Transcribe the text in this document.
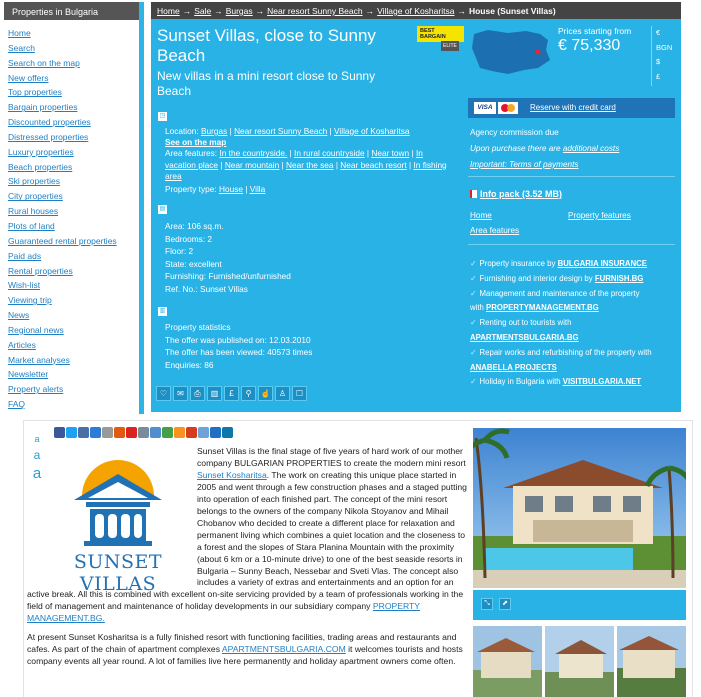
Properties in Bulgaria
Home
Search
Search on the map
New offers
Top properties
Bargain properties
Discounted properties
Distressed properties
Luxury properties
Beach properties
Ski properties
City properties
Rural houses
Plots of land
Guaranteed rental properties
Paid ads
Rental properties
Wish-list
Viewing trip
News
Regional news
Articles
Market analyses
Newsletter
Property alerts
FAQ
Home → Sale → Burgas → Near resort Sunny Beach → Village of Kosharitsa → House (Sunset Villas)
Sunset Villas, close to Sunny Beach
New villas in a mini resort close to Sunny Beach
BEST BARGAIN
ELITE
◳
Location: Burgas | Near resort Sunny Beach | Village of Kosharitsa
See on the map
Area features: In the countryside. | In rural countryside | Near town | In vacation place | Near mountain | Near the sea | Near beach resort | In fishing area
Property type: House | Villa
▤
Area: 106 sq.m.
Bedrooms: 2
Floor: 2
State: excellent
Furnishing: Furnished/unfurnished
Ref. No.: Sunset Villas
▥
Property statistics
The offer was published on: 12.03.2010
The offer has been viewed: 40573 times
Enquiries: 86
♡	✉	⎙	▥	£	⚲	☝	♙	☐
Prices starting from
€ 75,330
€
BGN
$
£
VISA	Reserve with credit card
Agency commission due
Upon purchase there are additional costs
Important: Terms of payments
Info pack (3.52 MB)
Home	Property features
Area features
✓ Property insurance by BULGARIA INSURANCE
✓ Furnishing and interior design by FURNISH.BG
✓ Management and maintenance of the property
with PROPERTYMANAGEMENT.BG
✓ Renting out to tourists with
APARTMENTSBULGARIA.BG
✓ Repair works and refurbishing of the property with
ANABELLA PROJECTS
✓ Holiday in Bulgaria with VISITBULGARIA.NET
a
a
a

Sunset Villas is the final stage of five years of hard work of our mother company BULGARIAN PROPERTIES to create the modern mini resort Sunset Kosharitsa. The work on creating this unique place started in 2005 and went through a few construction phases and a staged putting into operation of each finished part. The concept of the mini resort belongs to the owners of the company Nikola Stoyanov and Mihail Chobanov who decided to create a different place for relaxation and permanent living which combines a quiet location and the closeness to a forest and the slopes of Stara Planina Mountain with the proximity (about 6 km or a 10-minute drive) to one of the best seaside resorts in Bulgaria – Sunny Beach, Nessebar and Sveti Vlas. The concept also includes a variety of extras and entertainments and an option for an active break. All this is combined with excellent on-site servicing provided by a team of professionals working in the field of management and maintenance of holiday developments in our subsidiary company PROPERTY MANAGEMENT.BG.

At present Sunset Kosharitsa is a fully finished resort with functioning facilities, trading areas and restaurants and cafes. As part of the chain of apartment complexes APARTMENTSBULGARIA.COM it welcomes tourists and hosts company events all year round. A lot of families live here permanently and holiday apartment owners come often.

SUNSET VILLAS
⤡	⬈
